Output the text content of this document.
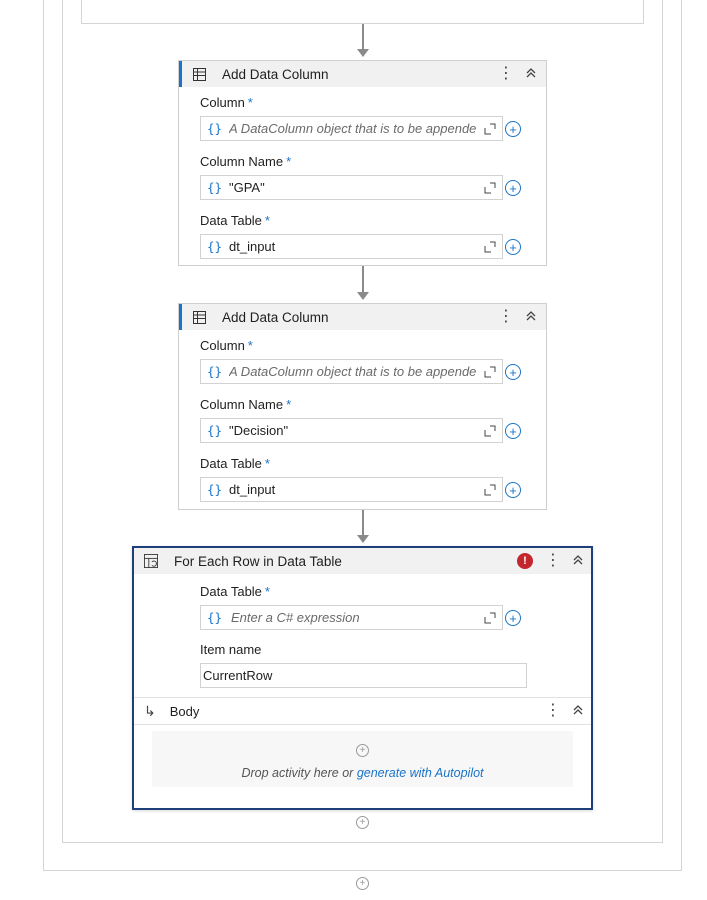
Add Data Column	⋮
Column *
{} A DataColumn object that is to be appende	+
Column Name *
{} "GPA"	+
Data Table *
{} dt_input	+
Add Data Column	⋮
Column *
{} A DataColumn object that is to be appende	+
Column Name *
{} "Decision"	+
Data Table *
{} dt_input	+
For Each Row in Data Table	!	⋮
Data Table *
{} Enter a C# expression	+
Item name
CurrentRow
↳ Body	⋮
+
Drop activity here or generate with Autopilot
+
+
